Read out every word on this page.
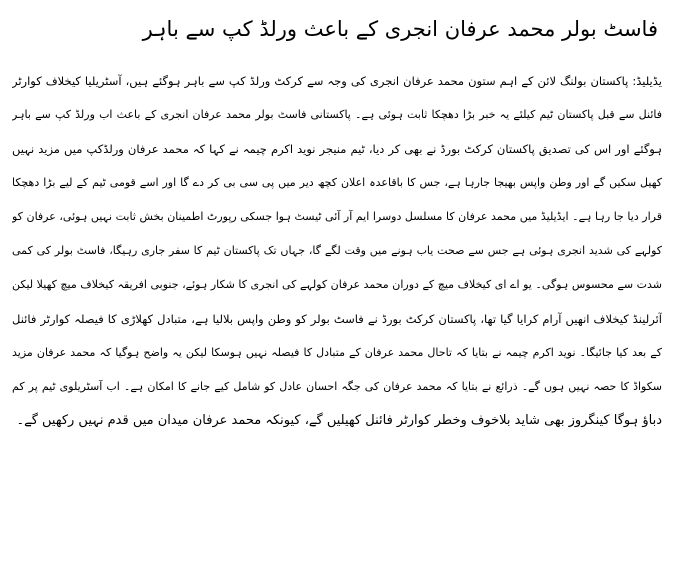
فاسٹ بولر محمد عرفان انجری کے باعث ورلڈ کپ سے باہر
یڈیلیڈ: پاکستان بولنگ لائن کے اہم ستون محمد عرفان انجری کی وجہ سے کرکٹ ورلڈ کپ سے باہر ہوگئے ہیں، آسٹریلیا کیخلاف کوارٹر
فائنل سے قبل پاکستان ٹیم کیلئے یہ خبر بڑا دھچکا ثابت ہوئی ہے۔ پاکستانی فاسٹ بولر محمد عرفان انجری کے باعث اب ورلڈ کپ سے باہر
ہوگئے اور اس کی تصدیق پاکستان کرکٹ بورڈ نے بھی کر دیا، ٹیم منیجر نوید اکرم چیمہ نے کہا کہ محمد عرفان ورلڈکپ میں مزید نہیں
کھیل سکیں گے اور وطن واپس بھیجا جارہا ہے، جس کا باقاعدہ اعلان کچھ دیر میں پی سی بی کر دے گا اور اسے قومی ٹیم کے لیے بڑا دھچکا
قرار دیا جا رہا ہے۔ ایڈیلیڈ میں محمد عرفان کا مسلسل دوسرا ایم آر آئی ٹیسٹ ہوا جسکی رپورٹ اطمینان بخش ثابت نہیں ہوئی، عرفان کو
کولہے کی شدید انجری ہوئی ہے جس سے صحت یاب ہونے میں وقت لگے گا، جہاں تک پاکستان ٹیم کا سفر جاری رہیگا، فاسٹ بولر کی کمی
شدت سے محسوس ہوگی۔ یو اے ای کیخلاف میچ کے دوران محمد عرفان کولہے کی انجری کا شکار ہوئے، جنوبی افریقہ کیخلاف میچ کھیلا لیکن
آئرلینڈ کیخلاف انھیں آرام کرایا گیا تھا، پاکستان کرکٹ بورڈ نے فاسٹ بولر کو وطن واپس بلالیا ہے، متبادل کھلاڑی کا فیصلہ کوارٹر فائنل
کے بعد کیا جائیگا۔ نوید اکرم چیمہ نے بتایا کہ تاحال محمد عرفان کے متبادل کا فیصلہ نہیں ہوسکا لیکن یہ واضح ہوگیا کہ محمد عرفان مزید
سکواڈ کا حصہ نہیں ہوں گے۔ ذرائع نے بتایا کہ محمد عرفان کی جگہ احسان عادل کو شامل کیے جانے کا امکان ہے۔ اب آسٹریلوی ٹیم پر کم
دباؤ ہوگا کینگروز بھی شاید بلاخوف وخطر کوارٹر فائنل کھیلیں گے، کیونکہ محمد عرفان میدان میں قدم نہیں رکھیں گے۔
